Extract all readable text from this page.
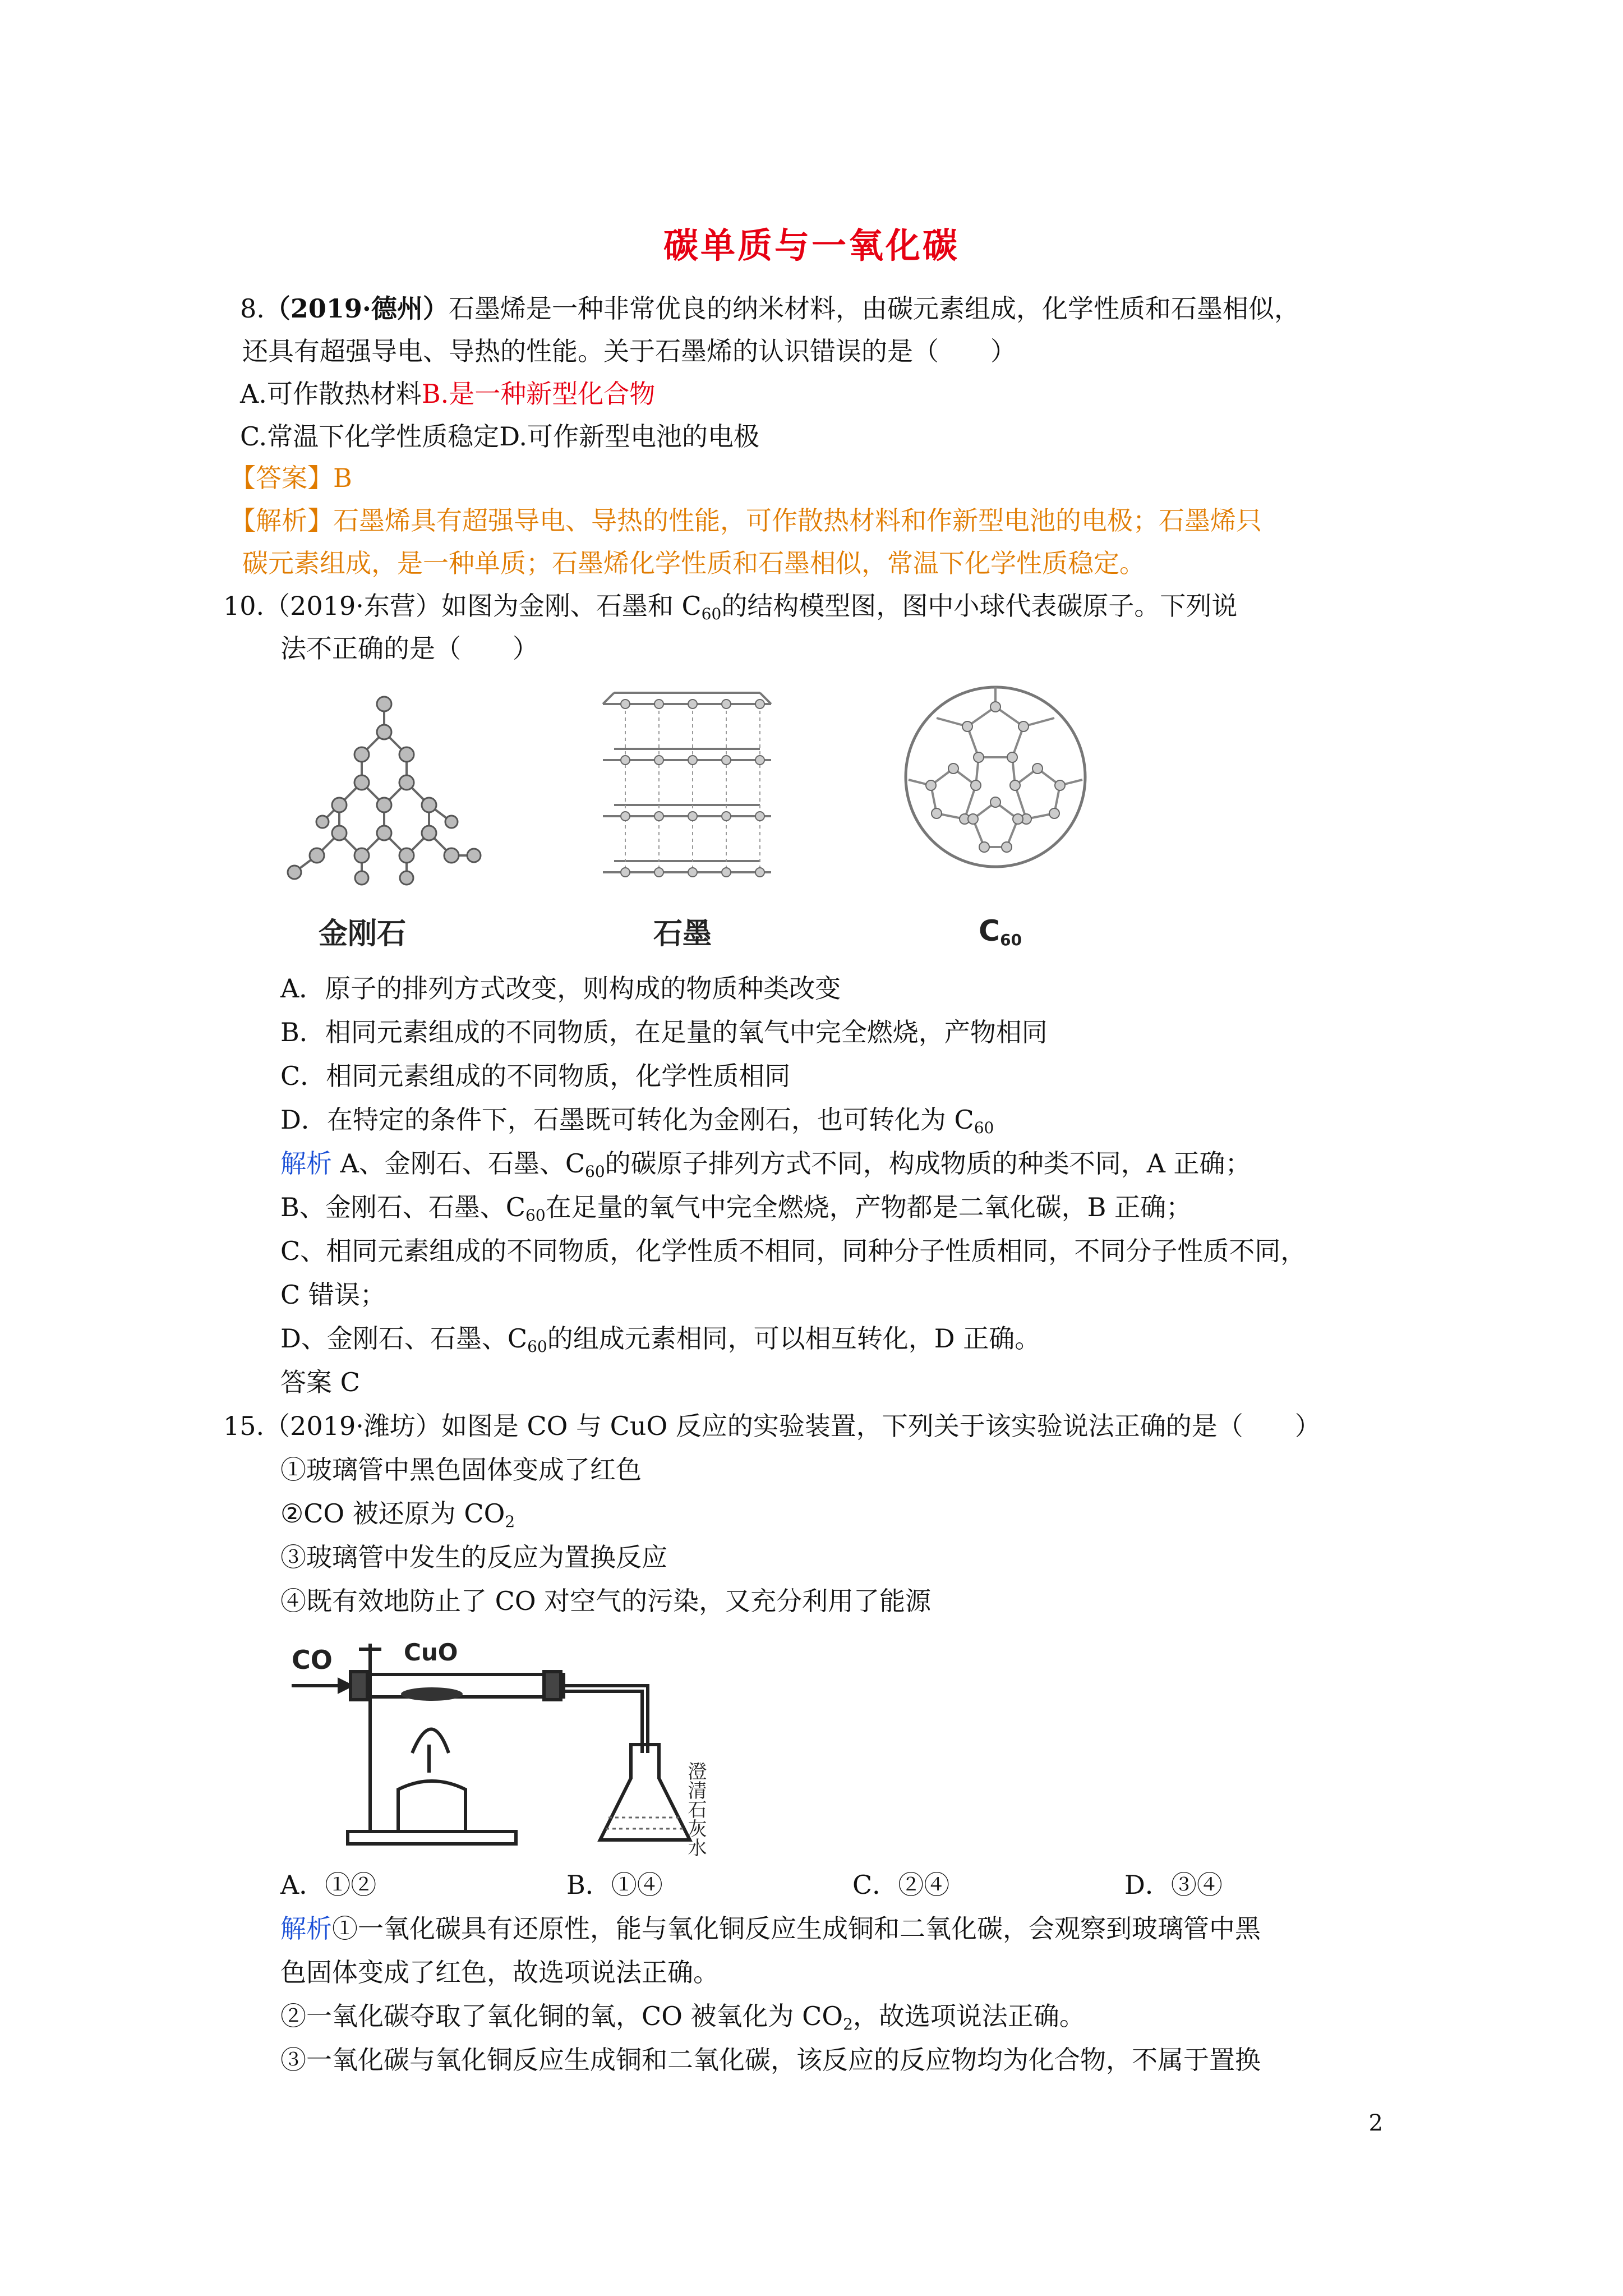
碳单质与一氧化碳
8.（2019·德州）石墨烯是一种非常优良的纳米材料，由碳元素组成，化学性质和石墨相似，
还具有超强导电、导热的性能。关于石墨烯的认识错误的是（　　）
A.可作散热材料B.是一种新型化合物
C.常温下化学性质稳定D.可作新型电池的电极
【答案】B
【解析】石墨烯具有超强导电、导热的性能，可作散热材料和作新型电池的电极；石墨烯只
碳元素组成，是一种单质；石墨烯化学性质和石墨相似，常温下化学性质稳定。
10.（2019·东营）如图为金刚、石墨和 $C_{60}$的结构模型图，图中小球代表碳原子。下列说
法不正确的是（　　）
金刚石	石墨	$C_{60}$
A．原子的排列方式改变，则构成的物质种类改变
B．相同元素组成的不同物质，在足量的氧气中完全燃烧，产物相同
C．相同元素组成的不同物质，化学性质相同
D．在特定的条件下，石墨既可转化为金刚石，也可转化为 $C_{60}$
解析 A、金刚石、石墨、$C_{60}$的碳原子排列方式不同，构成物质的种类不同，A 正确；
B、金刚石、石墨、$C_{60}$在足量的氧气中完全燃烧，产物都是二氧化碳，B 正确；
C、相同元素组成的不同物质，化学性质不相同，同种分子性质相同，不同分子性质不同，
C 错误；
D、金刚石、石墨、$C_{60}$的组成元素相同，可以相互转化，D 正确。
答案 C
15.（2019·潍坊）如图是 CO 与 CuO 反应的实验装置，下列关于该实验说法正确的是（　　）
①玻璃管中黑色固体变成了红色
②CO 被还原为 $CO_2$
③玻璃管中发生的反应为置换反应
④既有效地防止了 CO 对空气的污染，又充分利用了能源
CO	CuO
澄清石灰水
A．①②	B．①④	C．②④	D．③④
解析①一氧化碳具有还原性，能与氧化铜反应生成铜和二氧化碳，会观察到玻璃管中黑
色固体变成了红色，故选项说法正确。
②一氧化碳夺取了氧化铜的氧，CO 被氧化为 $CO_2$，故选项说法正确。
③一氧化碳与氧化铜反应生成铜和二氧化碳，该反应的反应物均为化合物，不属于置换
2
